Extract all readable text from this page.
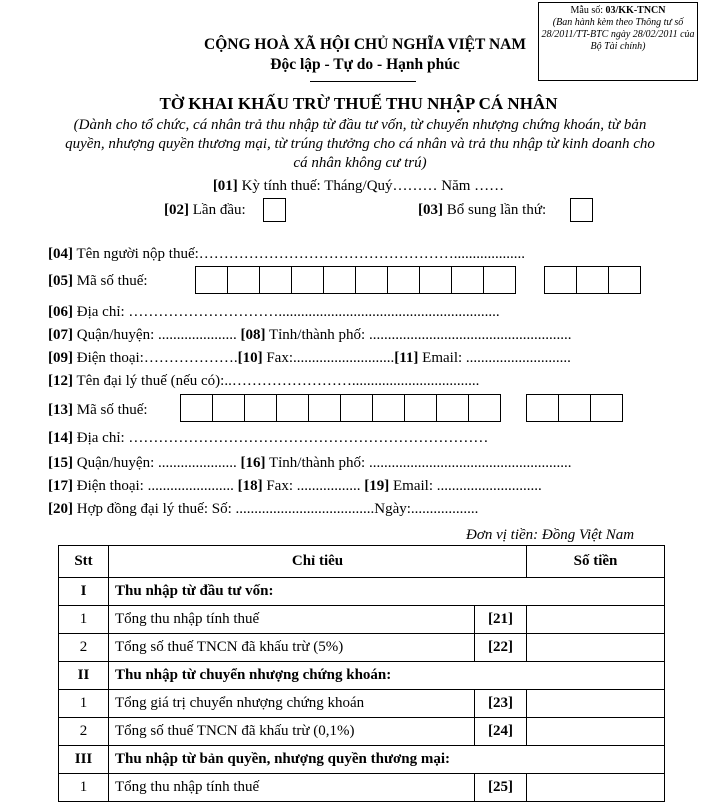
Mẫu số: 03/KK-TNCN
(Ban hành kèm theo Thông tư số 28/2011/TT-BTC ngày 28/02/2011 của Bộ Tài chính)
CỘNG HOÀ XÃ HỘI CHỦ NGHĨA VIỆT NAM
Độc lập - Tự do - Hạnh phúc
TỜ KHAI KHẤU TRỪ THUẾ THU NHẬP CÁ NHÂN
(Dành cho tổ chức, cá nhân trả thu nhập từ đầu tư vốn, từ chuyển nhượng chứng khoán, từ bản quyền, nhượng quyền thương mại, từ trúng thưởng cho cá nhân và trả thu nhập từ kinh doanh cho cá nhân không cư trú)
[01] Kỳ tính thuế: Tháng/Quý……… Năm ……
[02] Lần đầu:	[03] Bổ sung lần thứ:
[04] Tên người nộp thuế:……………………………………………...................
[05] Mã số thuế:
[06] Địa chỉ: …………………………...........................................................
[07] Quận/huyện: ..................... [08] Tỉnh/thành phố: ......................................................
[09] Điện thoại:……………….[10] Fax:...........................[11] Email: ............................
[12] Tên đại lý thuế (nếu có):..……………………..................................
[13] Mã số thuế:
[14] Địa chỉ: ………………………………………………………………
[15] Quận/huyện: ..................... [16] Tỉnh/thành phố: ......................................................
[17] Điện thoại: ....................... [18] Fax: ................. [19] Email: ............................
[20] Hợp đồng đại lý thuế: Số: .....................................Ngày:..................
Đơn vị tiền: Đồng Việt Nam
Stt	Chỉ tiêu		Số tiền
I	Thu nhập từ đầu tư vốn:		
1	Tổng thu nhập tính thuế	[21]	
2	Tổng số thuế TNCN đã khấu trừ (5%)	[22]	
II	Thu nhập từ chuyển nhượng chứng khoán:		
1	Tổng giá trị chuyển nhượng chứng khoán	[23]	
2	Tổng số thuế TNCN đã khấu trừ (0,1%)	[24]	
III	Thu nhập từ bản quyền, nhượng quyền thương mại:		
1	Tổng thu nhập tính thuế	[25]	
